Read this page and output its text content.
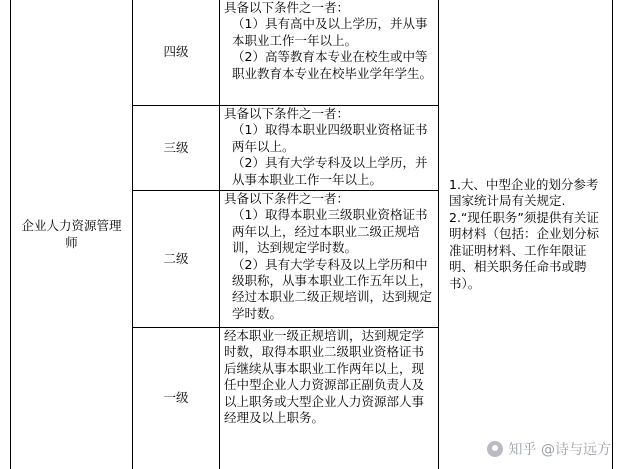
企业人力资源管理师
四级
三级
二级
一级

具备以下条件之一者：

（1）具有高中及以上学历，并从事本职业工作一年以上。

（2）高等教育本专业在校生或中等职业教育本专业在校毕业学年学生。

具备以下条件之一者：

（1）取得本职业四级职业资格证书两年以上。

（2）具有大学专科及以上学历，并从事本职业工作一年以上。

具备以下条件之一者：

（1）取得本职业三级职业资格证书两年以上，经过本职业二级正规培训，达到规定学时数。

（2）具有大学专科及以上学历和中级职称，从事本职业工作五年以上，经过本职业二级正规培训，达到规定学时数。

经本职业一级正规培训，达到规定学时数，取得本职业二级职业资格证书后继续从事本职业工作两年以上，现任中型企业人力资源部正副负责人及以上职务或大型企业人力资源部人事经理及以上职务。

1.大、中型企业的划分参考国家统计局有关规定.
2.“现任职务”须提供有关证明材料（包括：企业划分标准证明材料、工作年限证明、相关职务任命书或聘书）。
知乎 @诗与远方
